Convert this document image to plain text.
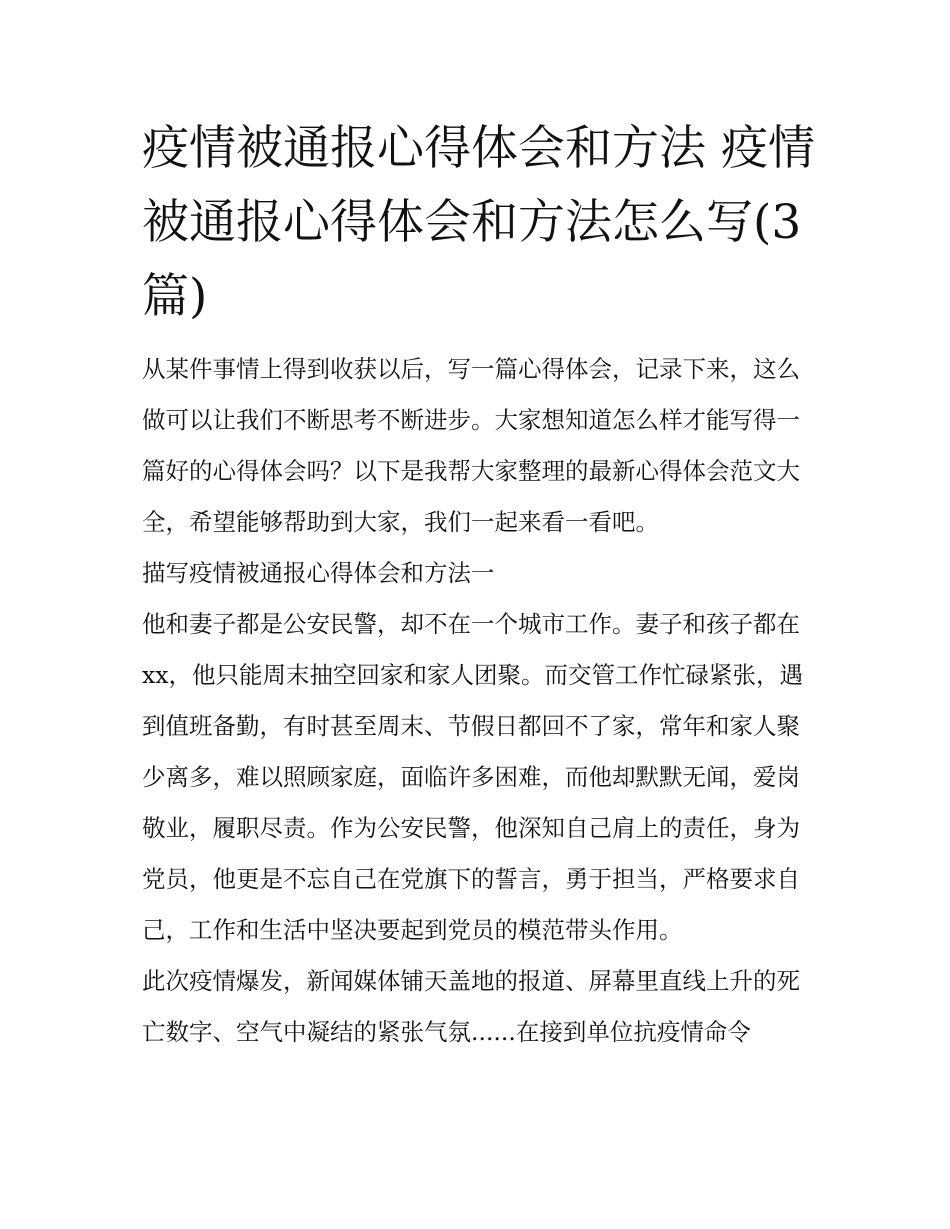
疫情被通报心得体会和方法 疫情被通报心得体会和方法怎么写(3篇)

从某件事情上得到收获以后，写一篇心得体会，记录下来，这么做可以让我们不断思考不断进步。大家想知道怎么样才能写得一篇好的心得体会吗？以下是我帮大家整理的最新心得体会范文大全，希望能够帮助到大家，我们一起来看一看吧。

描写疫情被通报心得体会和方法一

他和妻子都是公安民警，却不在一个城市工作。妻子和孩子都在xx，他只能周末抽空回家和家人团聚。而交管工作忙碌紧张，遇到值班备勤，有时甚至周末、节假日都回不了家，常年和家人聚少离多，难以照顾家庭，面临许多困难，而他却默默无闻，爱岗敬业，履职尽责。作为公安民警，他深知自己肩上的责任，身为党员，他更是不忘自己在党旗下的誓言，勇于担当，严格要求自己，工作和生活中坚决要起到党员的模范带头作用。

此次疫情爆发，新闻媒体铺天盖地的报道、屏幕里直线上升的死亡数字、空气中凝结的紧张气氛......在接到单位抗疫情命令
